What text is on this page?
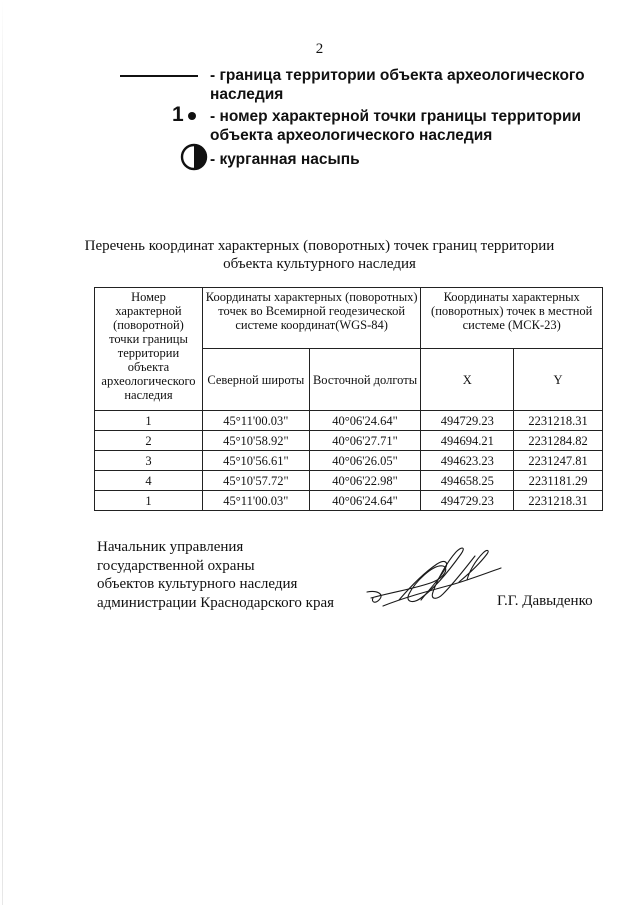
2
- граница территории объекта археологического наследия
1 - номер характерной точки границы территории объекта археологического наследия
- курганная насыпь
Перечень координат характерных (поворотных) точек границ территории
объекта культурного наследия
Номер характерной (поворотной) точки границы территории объекта археологического наследия	Координаты характерных (поворотных) точек во Всемирной геодезической системе координат(WGS-84)		Координаты характерных (поворотных) точек в местной системе (МСК-23)	
	Северной широты	Восточной долготы	X	Y
1	45°11'00.03"	40°06'24.64"	494729.23	2231218.31
2	45°10'58.92"	40°06'27.71"	494694.21	2231284.82
3	45°10'56.61"	40°06'26.05"	494623.23	2231247.81
4	45°10'57.72"	40°06'22.98"	494658.25	2231181.29
1	45°11'00.03"	40°06'24.64"	494729.23	2231218.31
Начальник управления
государственной охраны
объектов культурного наследия
администрации Краснодарского края	Г.Г. Давыденко
